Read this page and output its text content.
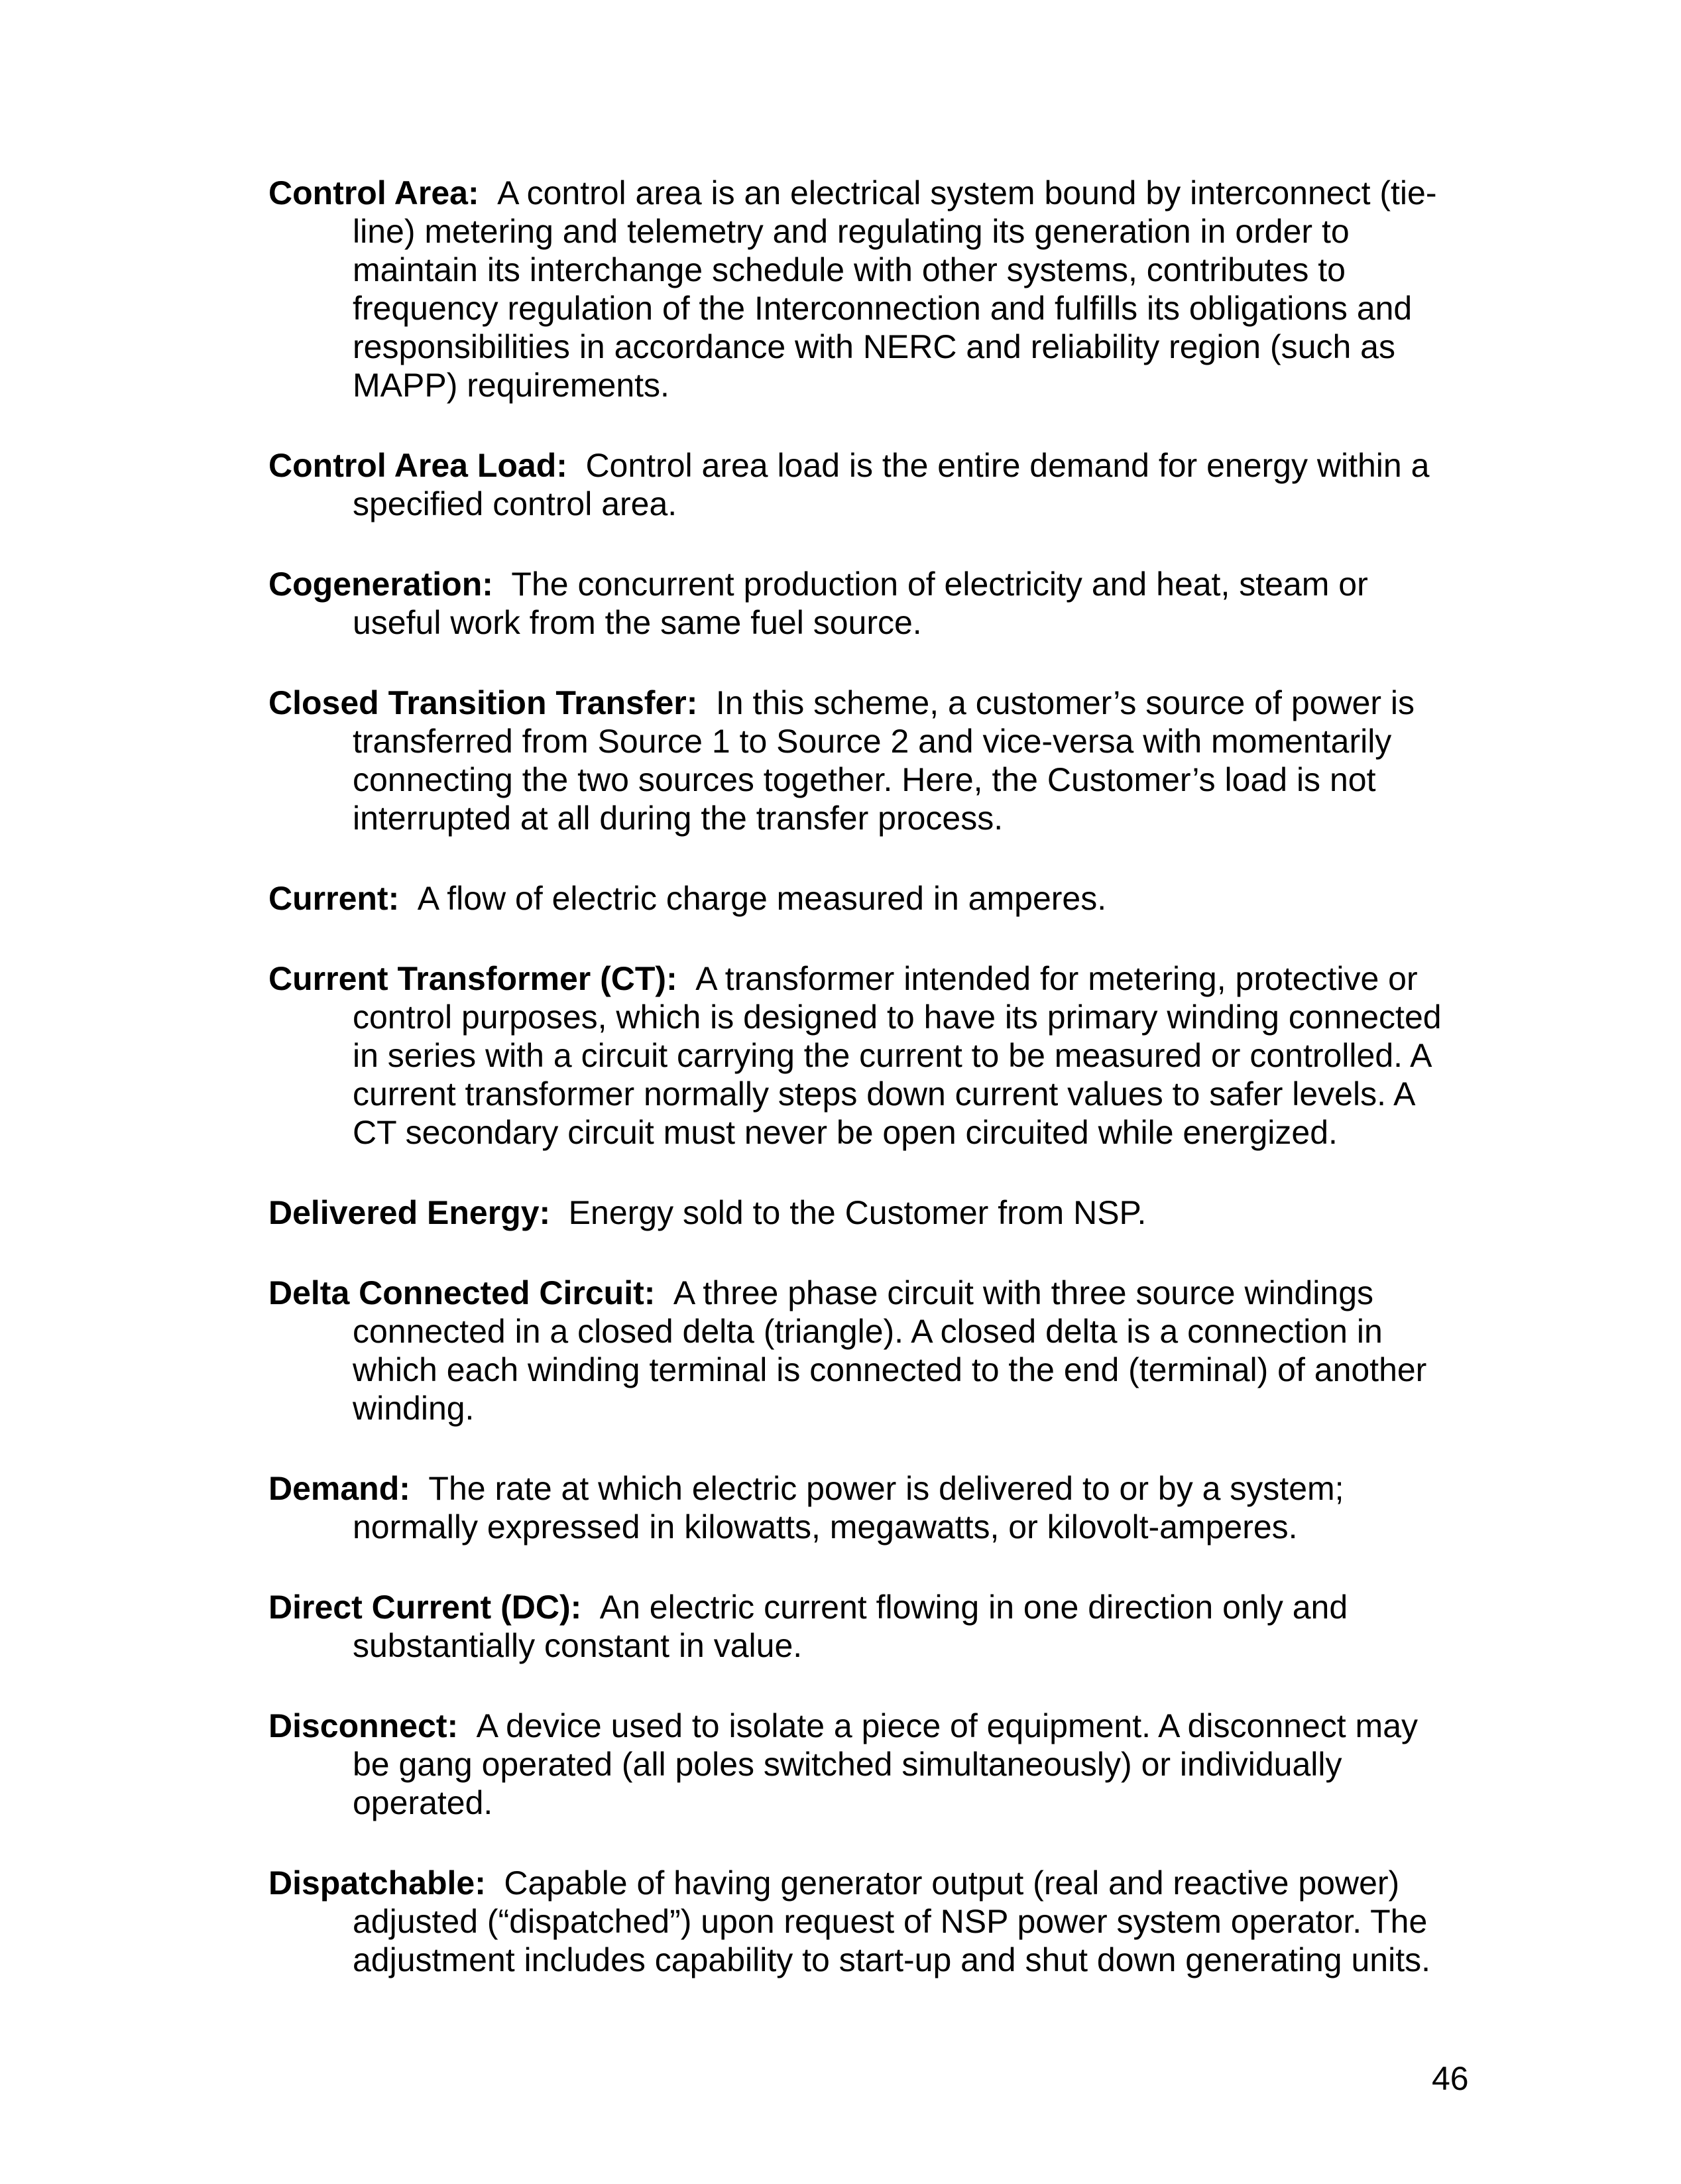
Control Area: A control area is an electrical system bound by interconnect (tie-line) metering and telemetry and regulating its generation in order to maintain its interchange schedule with other systems, contributes to frequency regulation of the Interconnection and fulfills its obligations and responsibilities in accordance with NERC and reliability region (such as MAPP) requirements.

Control Area Load: Control area load is the entire demand for energy within a specified control area.

Cogeneration: The concurrent production of electricity and heat, steam or useful work from the same fuel source.

Closed Transition Transfer: In this scheme, a customer’s source of power is transferred from Source 1 to Source 2 and vice-versa with momentarily connecting the two sources together. Here, the Customer’s load is not interrupted at all during the transfer process.

Current: A flow of electric charge measured in amperes.

Current Transformer (CT): A transformer intended for metering, protective or control purposes, which is designed to have its primary winding connected in series with a circuit carrying the current to be measured or controlled. A current transformer normally steps down current values to safer levels. A CT secondary circuit must never be open circuited while energized.

Delivered Energy: Energy sold to the Customer from NSP.

Delta Connected Circuit: A three phase circuit with three source windings connected in a closed delta (triangle). A closed delta is a connection in which each winding terminal is connected to the end (terminal) of another winding.

Demand: The rate at which electric power is delivered to or by a system; normally expressed in kilowatts, megawatts, or kilovolt-amperes.

Direct Current (DC): An electric current flowing in one direction only and substantially constant in value.

Disconnect: A device used to isolate a piece of equipment. A disconnect may be gang operated (all poles switched simultaneously) or individually operated.

Dispatchable: Capable of having generator output (real and reactive power) adjusted (“dispatched”) upon request of NSP power system operator. The adjustment includes capability to start-up and shut down generating units.

46
